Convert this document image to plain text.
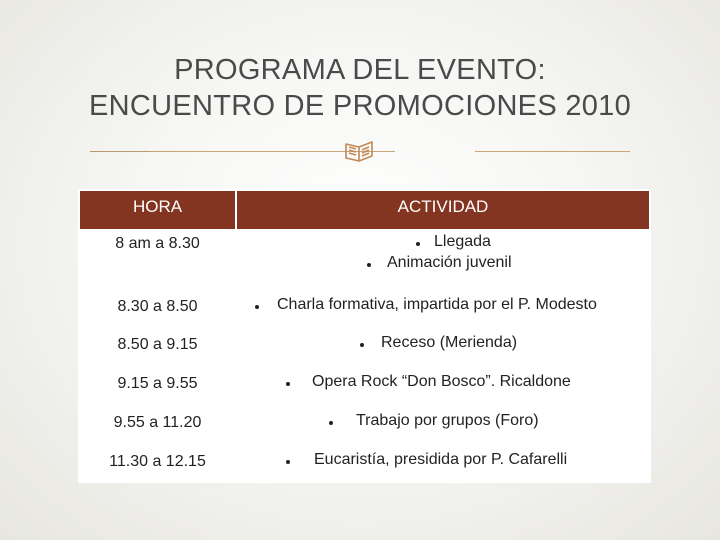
PROGRAMA DEL EVENTO:
ENCUENTRO DE PROMOCIONES 2010
HORA	ACTIVIDAD
8 am a 8.30	Llegada
Animación juvenil

8.30 a 8.50	Charla formativa, impartida por el P. Modesto

8.50 a 9.15	Receso (Merienda)

9.15 a 9.55	Opera Rock “Don Bosco”. Ricaldone

9.55 a 11.20	Trabajo por grupos (Foro)

11.30 a 12.15	Eucaristía, presidida por P. Cafarelli
